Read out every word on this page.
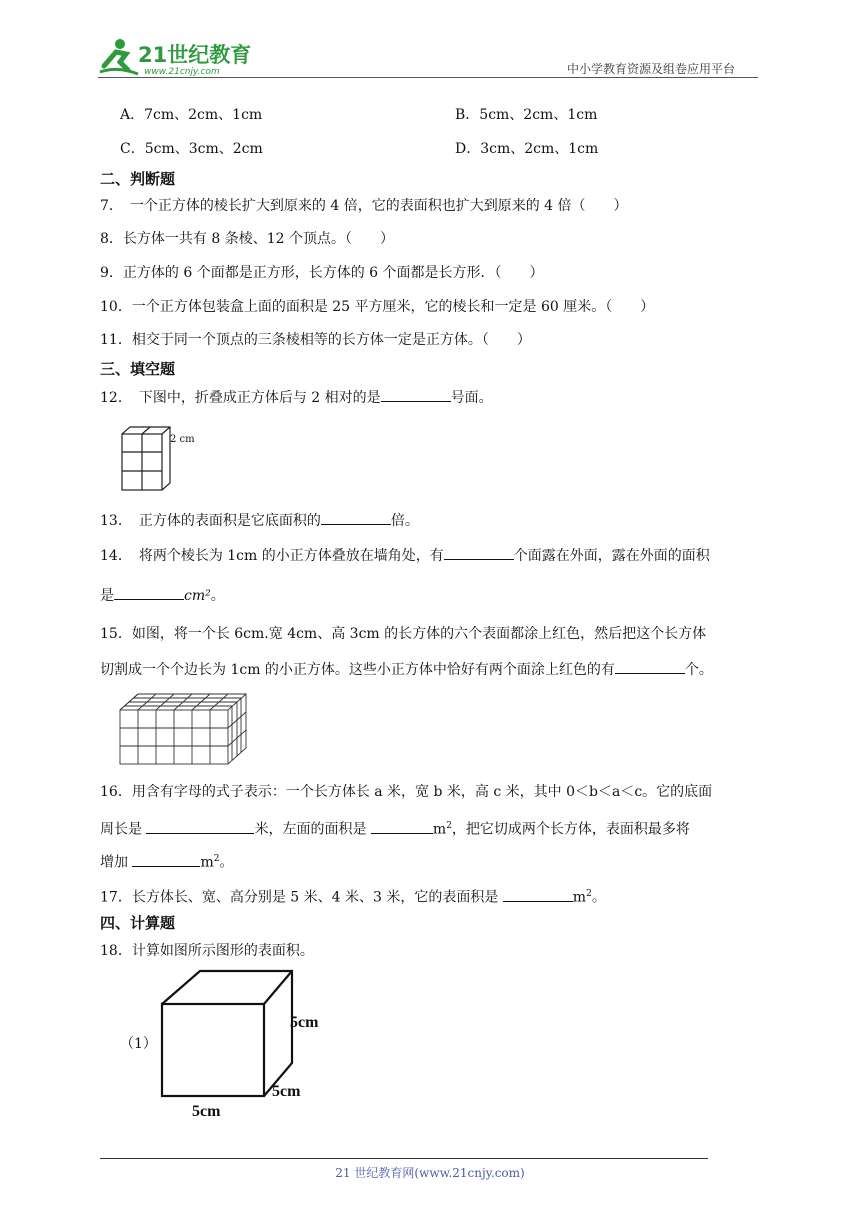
21世纪教育
www.21cnjy.com	中小学教育资源及组卷应用平台
A．7cm、2cm、1cm	B．5cm、2cm、1cm
C．5cm、3cm、2cm	D．3cm、2cm、1cm
二、判断题
7．　一个正方体的棱长扩大到原来的 4 倍，它的表面积也扩大到原来的 4 倍（　　）
8．长方体一共有 8 条棱、12 个顶点。（　　）
9．正方体的 6 个面都是正方形，长方体的 6 个面都是长方形．（　　）
10．一个正方体包装盒上面的面积是 25 平方厘米，它的棱长和一定是 60 厘米。（　　）
11．相交于同一个顶点的三条棱相等的长方体一定是正方体。（　　）
三、填空题
12．　下图中，折叠成正方体后与 2 相对的是	号面。
2 cm
13．　正方体的表面积是它底面积的	倍。
14．　将两个棱长为 1cm 的小正方体叠放在墙角处，有	个面露在外面，露在外面的面积
是	cm²。
15．如图，将一个长 6cm.宽 4cm、高 3cm 的长方体的六个表面都涂上红色，然后把这个长方体
切割成一个个边长为 1cm 的小正方体。这些小正方体中恰好有两个面涂上红色的有	个。
16．用含有字母的式子表示：一个长方体长 a 米，宽 b 米，高 c 米，其中 0＜b＜a＜c。它的底面
周长是	米，左面的面积是	$m^2$，把它切成两个长方体，表面积最多将
增加	$m^2$。
17．长方体长、宽、高分别是 5 米、4 米、3 米，它的表面积是	$m^2$。
四、计算题
18．计算如图所示图形的表面积。
（1）
5cm
5cm
5cm
21 世纪教育网(www.21cnjy.com)
